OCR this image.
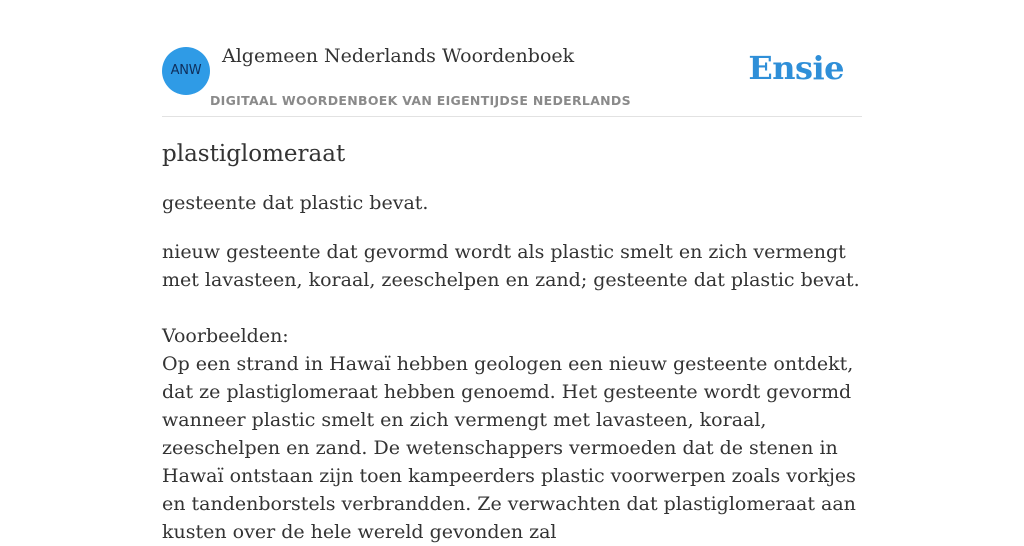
ANW
Algemeen Nederlands Woordenboek
DIGITAAL WOORDENBOEK VAN EIGENTIJDSE NEDERLANDS
Ensie
plastiglomeraat

gesteente dat plastic bevat.

nieuw gesteente dat gevormd wordt als plastic smelt en zich vermengt met lavasteen, koraal, zeeschelpen en zand; gesteente dat plastic bevat.
Voorbeelden:
Op een strand in Hawaï hebben geologen een nieuw gesteente ontdekt, dat ze plastiglomeraat hebben genoemd. Het gesteente wordt gevormd wanneer plastic smelt en zich vermengt met lavasteen, koraal, zeeschelpen en zand. De wetenschappers vermoeden dat de stenen in Hawaï ontstaan zijn toen kampeerders plastic voorwerpen zoals vorkjes en tandenborstels verbrandden. Ze verwachten dat plastiglomeraat aan kusten over de hele wereld gevonden zal
